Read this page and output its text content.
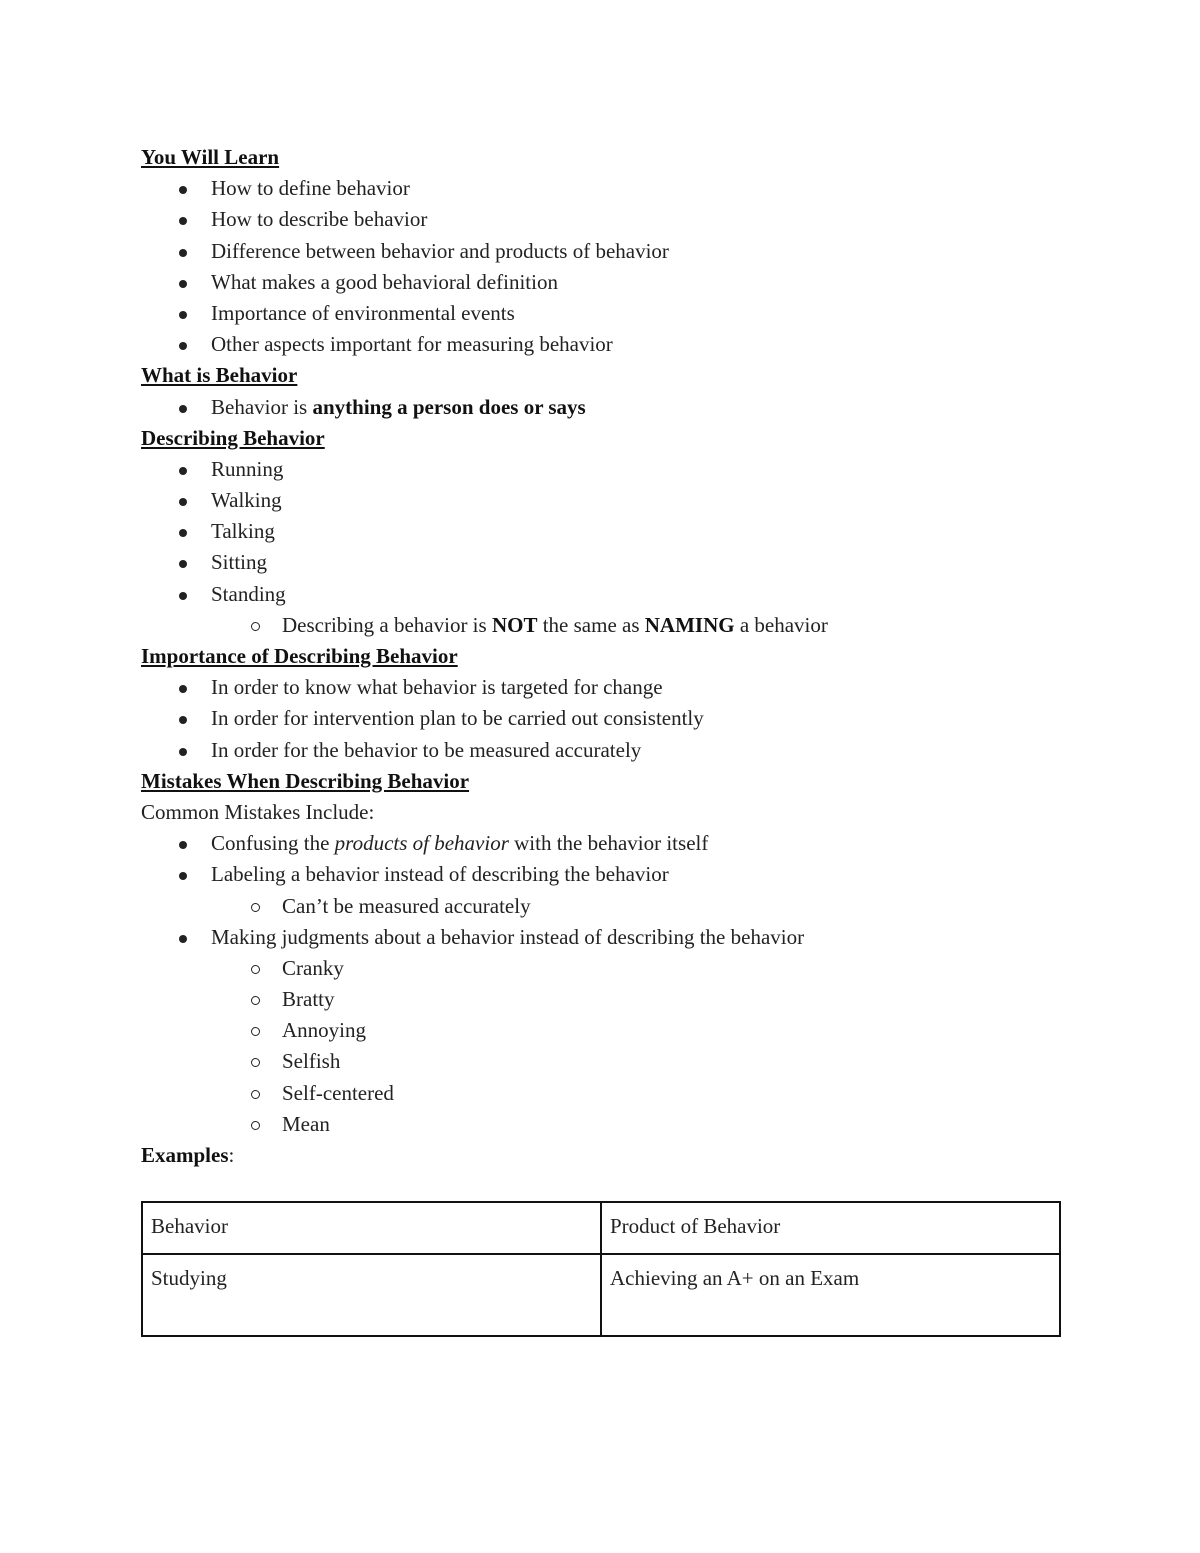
You Will Learn
How to define behavior
How to describe behavior
Difference between behavior and products of behavior
What makes a good behavioral definition
Importance of environmental events
Other aspects important for measuring behavior
What is Behavior
Behavior is anything a person does or says
Describing Behavior
Running
Walking
Talking
Sitting
Standing
Describing a behavior is NOT the same as NAMING a behavior
Importance of Describing Behavior
In order to know what behavior is targeted for change
In order for intervention plan to be carried out consistently
In order for the behavior to be measured accurately
Mistakes When Describing Behavior
Common Mistakes Include:
Confusing the products of behavior with the behavior itself
Labeling a behavior instead of describing the behavior
Can’t be measured accurately
Making judgments about a behavior instead of describing the behavior
Cranky
Bratty
Annoying
Selfish
Self-centered
Mean
Examples:
Behavior	Product of Behavior
Studying	Achieving an A+ on an Exam
